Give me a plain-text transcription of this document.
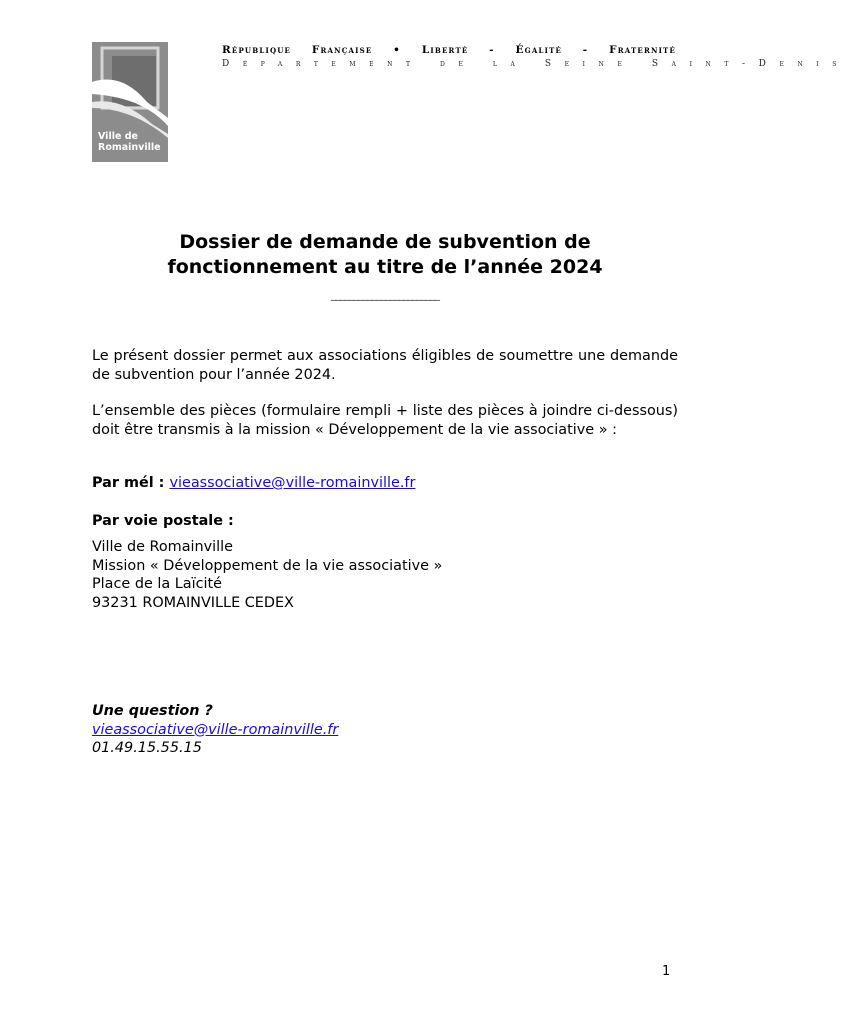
Ville de
Romainville
République Française • Liberté - Égalité - Fraternité
Département de la Seine Saint-Denis
Dossier de demande de subvention de
fonctionnement au titre de l’année 2024
________________________
Le présent dossier permet aux associations éligibles de soumettre une demande de subvention pour l’année 2024.
L’ensemble des pièces (formulaire rempli + liste des pièces à joindre ci-dessous) doit être transmis à la mission « Développement de la vie associative » :
Par mél : vieassociative@ville-romainville.fr
Par voie postale :
Ville de Romainville
Mission « Développement de la vie associative »
Place de la Laïcité
93231 ROMAINVILLE CEDEX
Une question ?
vieassociative@ville-romainville.fr
01.49.15.55.15
1
